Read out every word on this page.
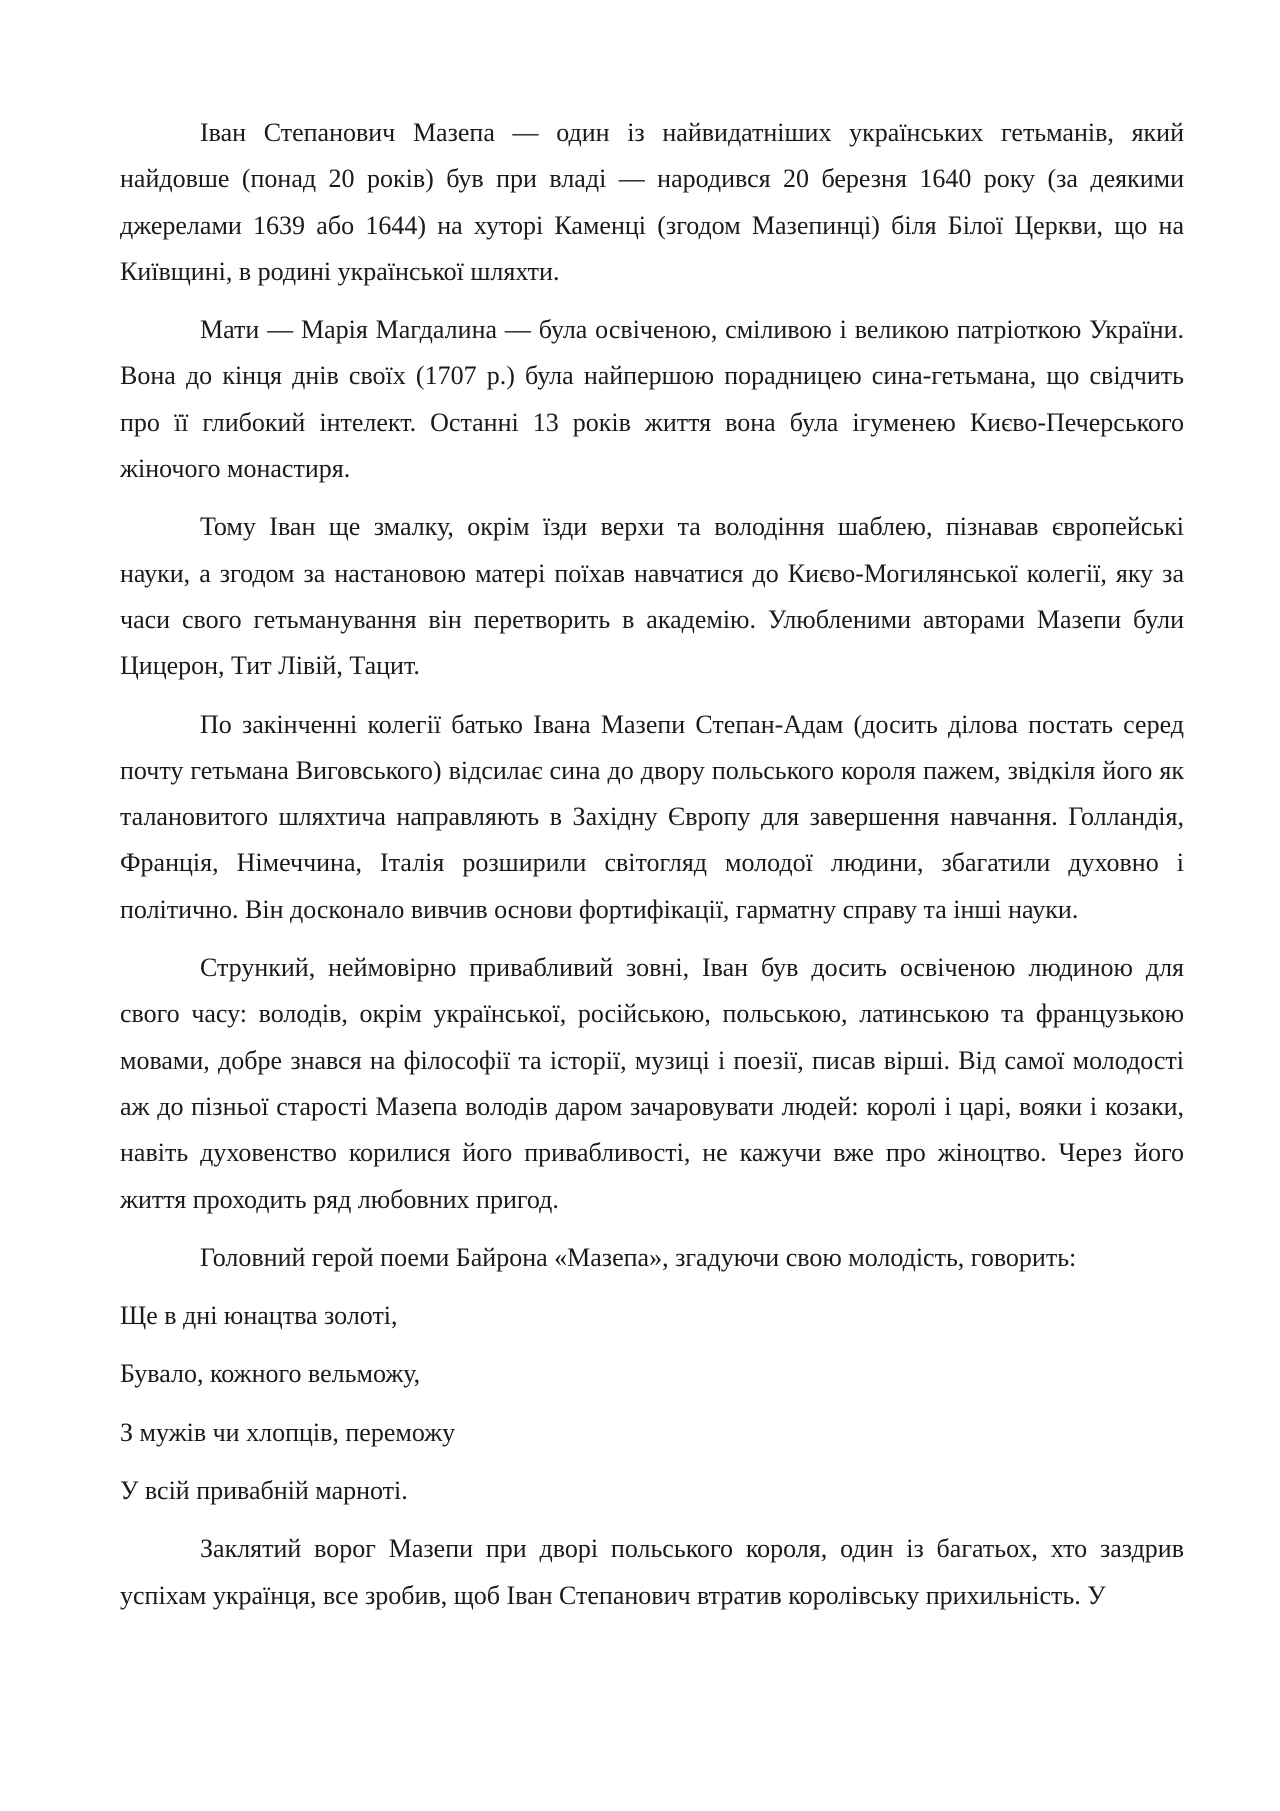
Іван Степанович Мазепа — один із найвидатніших українських гетьманів, який найдовше (понад 20 років) був при владі — народився 20 березня 1640 року (за деякими джерелами 1639 або 1644) на хуторі Каменці (згодом Мазепинці) біля Білої Церкви, що на Київщині, в родині української шляхти.

Мати — Марія Магдалина — була освіченою, сміливою і великою патріоткою України. Вона до кінця днів своїх (1707 р.) була найпершою порадницею сина-гетьмана, що свідчить про її глибокий інтелект. Останні 13 років життя вона була ігуменею Києво-Печерського жіночого монастиря.

Тому Іван ще змалку, окрім їзди верхи та володіння шаблею, пізнавав європейські науки, а згодом за настановою матері поїхав навчатися до Києво-Могилянської колегії, яку за часи свого гетьманування він перетворить в академію. Улюбленими авторами Мазепи були Цицерон, Тит Лівій, Тацит.

По закінченні колегії батько Івана Мазепи Степан-Адам (досить ділова постать серед почту гетьмана Виговського) відсилає сина до двору польського короля пажем, звідкіля його як талановитого шляхтича направляють в Західну Європу для завершення навчання. Голландія, Франція, Німеччина, Італія розширили світогляд молодої людини, збагатили духовно і політично. Він досконало вивчив основи фортифікації, гарматну справу та інші науки.

Стрункий, неймовірно привабливий зовні, Іван був досить освіченою людиною для свого часу: володів, окрім української, російською, польською, латинською та французькою мовами, добре знався на філософії та історії, музиці і поезії, писав вірші. Від самої молодості аж до пізньої старості Мазепа володів даром зачаровувати людей: королі і царі, вояки і козаки, навіть духовенство корилися його привабливості, не кажучи вже про жіноцтво. Через його життя проходить ряд любовних пригод.

Головний герой поеми Байрона «Мазепа», згадуючи свою молодість, говорить:

Ще в дні юнацтва золоті,

Бувало, кожного вельможу,

З мужів чи хлопців, переможу

У всій привабній марноті.

Заклятий ворог Мазепи при дворі польського короля, один із багатьох, хто заздрив успіхам українця, все зробив, щоб Іван Степанович втратив королівську прихильність. У
